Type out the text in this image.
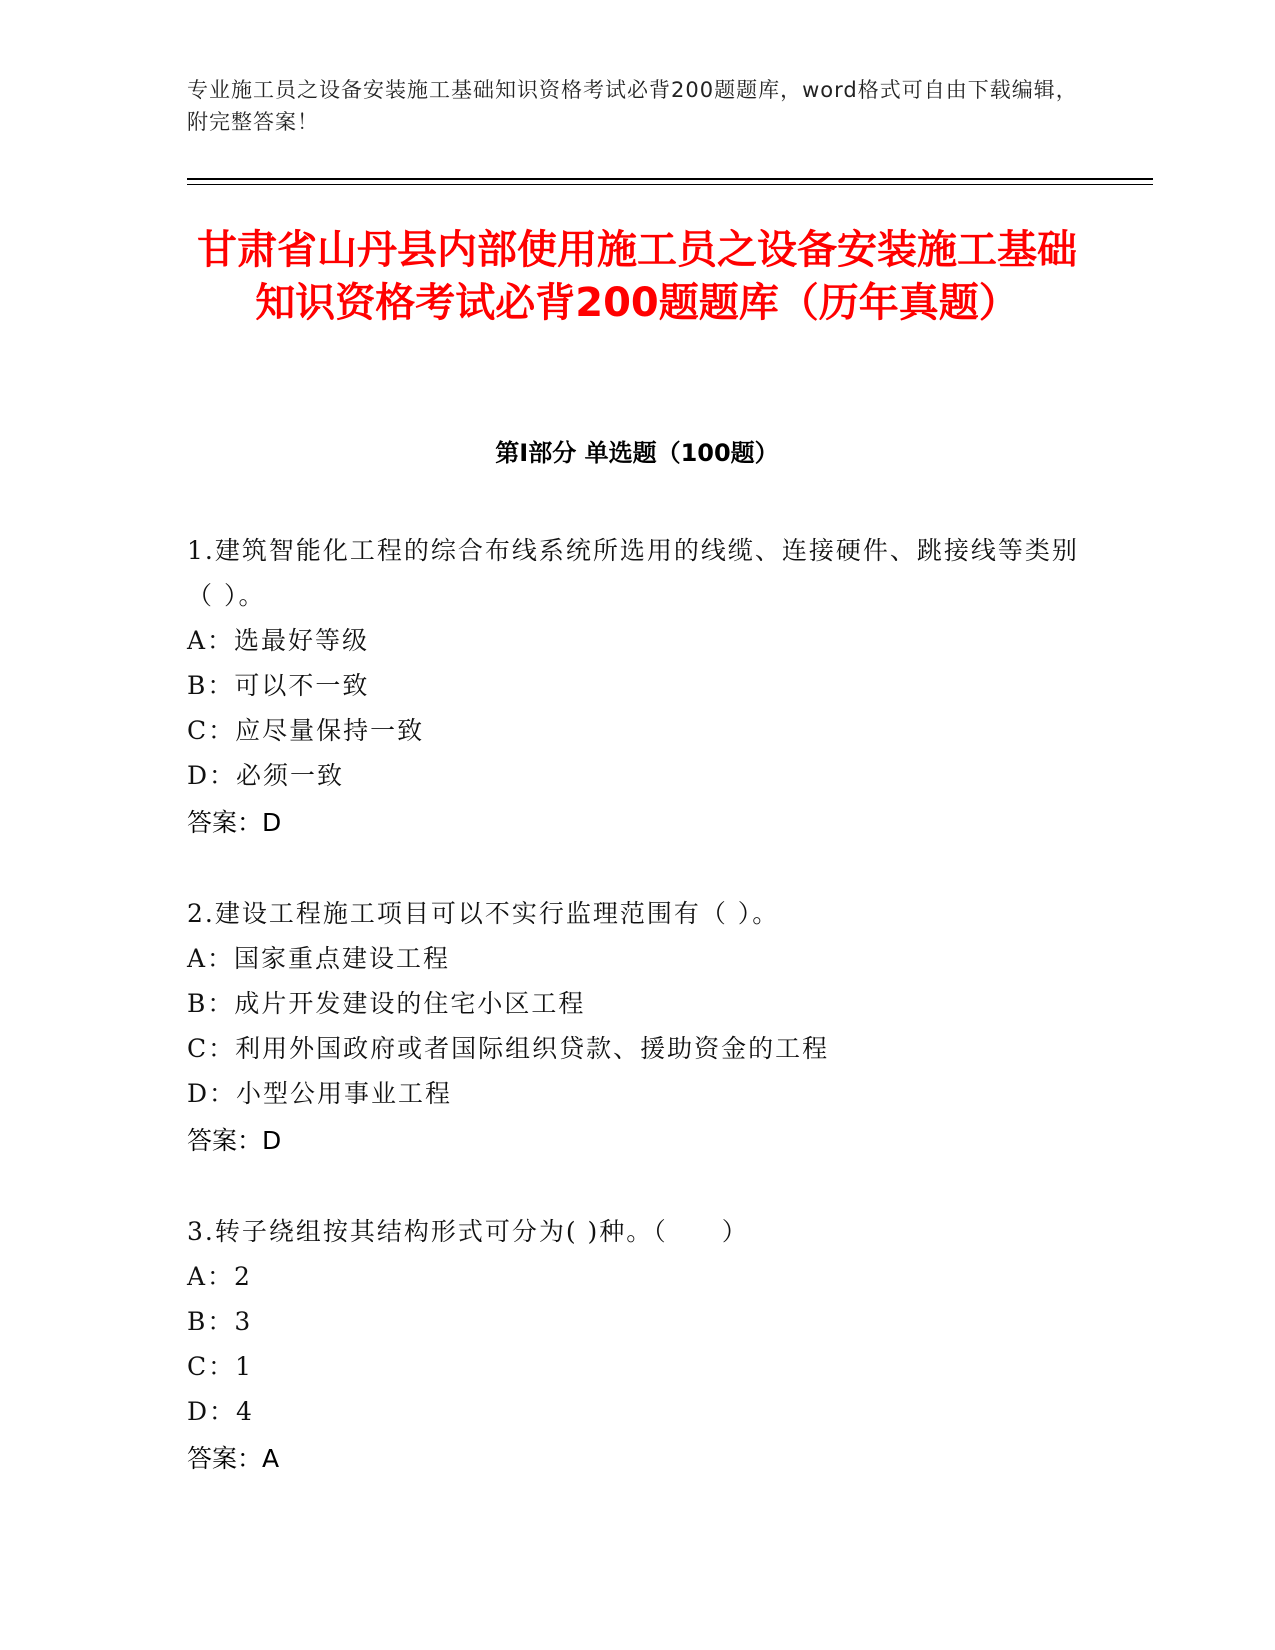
专业施工员之设备安装施工基础知识资格考试必背200题题库，word格式可自由下载编辑，附完整答案！
甘肃省山丹县内部使用施工员之设备安装施工基础知识资格考试必背200题题库（历年真题）
第Ⅰ部分 单选题（100题）
1.建筑智能化工程的综合布线系统所选用的线缆、连接硬件、跳接线等类别（ ）。
A：选最好等级
B：可以不一致
C：应尽量保持一致
D：必须一致
答案：D
2.建设工程施工项目可以不实行监理范围有（ ）。
A：国家重点建设工程
B：成片开发建设的住宅小区工程
C：利用外国政府或者国际组织贷款、援助资金的工程
D：小型公用事业工程
答案：D
3.转子绕组按其结构形式可分为( )种。（　　）
A：2
B：3
C：1
D：4
答案：A
